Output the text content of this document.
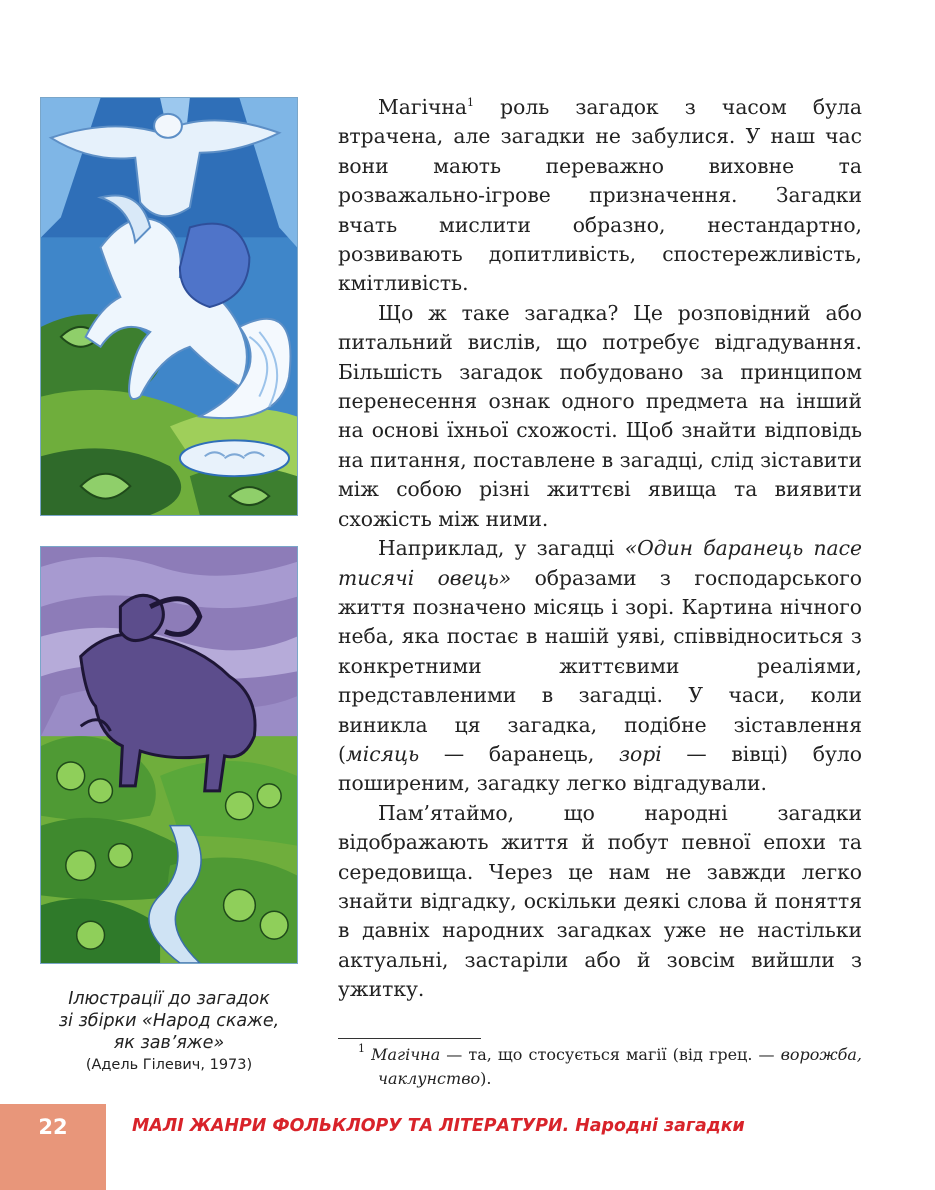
Ілюстрації до загадок
зі збірки «Народ скаже,
як зав’яже»
(Адель Гілевич, 1973)

Магічна$^1$ роль загадок з часом була втрачена, але загадки не забулися. У наш час вони мають переважно виховне та розважально-ігрове призначення. Загадки вчать мислити образно, нестандартно, розвивають допитливість, спостережливість, кмітливість.

Що ж таке загадка? Це розповідний або питальний вислів, що потребує відгадування. Більшість загадок побудовано за принципом перенесення ознак одного предмета на інший на основі їхньої схожості. Щоб знайти відповідь на питання, поставлене в загадці, слід зіставити між собою різні життєві явища та виявити схожість між ними.

Наприклад, у загадці «Один баранець пасе тисячі овець» образами з господарського життя позначено місяць і зорі. Картина нічного неба, яка постає в нашій уяві, співвідноситься з конкретними життєвими реаліями, представленими в загадці. У часи, коли виникла ця загадка, подібне зіставлення (місяць — баранець, зорі — вівці) було поширеним, загадку легко відгадували.

Пам’ятаймо, що народні загадки відображають життя й побут певної епохи та середовища. Через це нам не завжди легко знайти відгадку, оскільки деякі слова й поняття в давніх народних загадках уже не настільки актуальні, застаріли або й зовсім вийшли з ужитку.

$^1$ Магічна — та, що стосується магії (від грец. — ворожба, чаклунство).
22	МАЛІ ЖАНРИ ФОЛЬКЛОРУ ТА ЛІТЕРАТУРИ. Народні загадки
